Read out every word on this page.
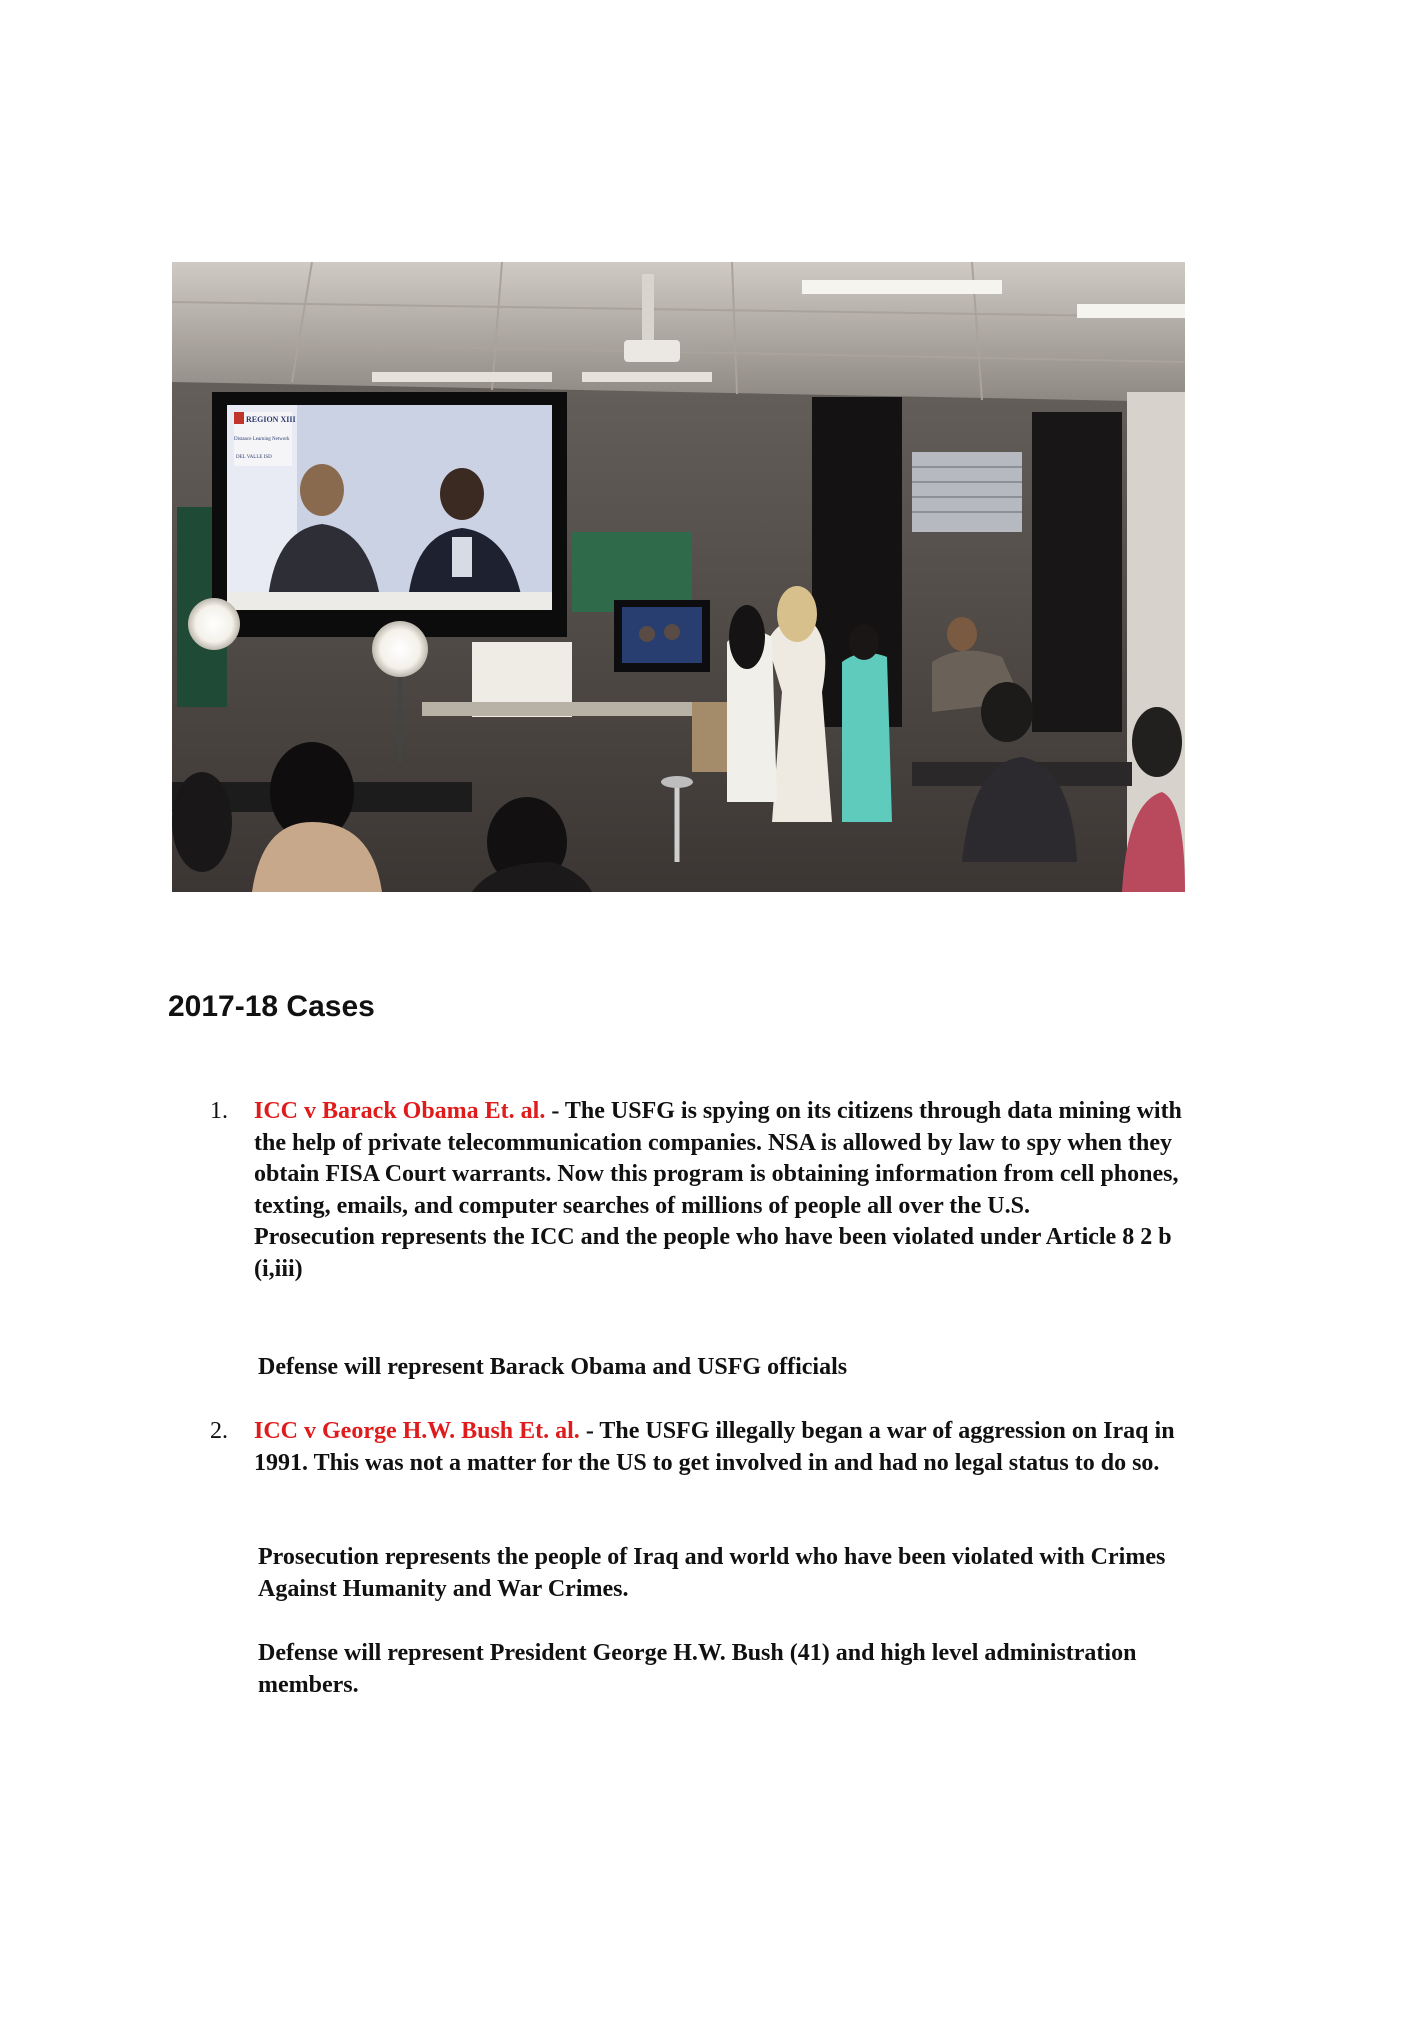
REGION XIII
Distance Learning Network
DEL VALLE ISD
2017-18 Cases
1.	ICC v Barack Obama Et. al. - The USFG is spying on its citizens through data mining with the help of private telecommunication companies. NSA is allowed by law to spy when they obtain FISA Court warrants. Now this program is obtaining information from cell phones, texting, emails, and computer searches of millions of people all over the U.S.
Prosecution represents the ICC and the people who have been violated under Article 8 2 b (i,iii)
Defense will represent Barack Obama and USFG officials
2.	ICC v George H.W. Bush Et. al. - The USFG illegally began a war of aggression on Iraq in 1991. This was not a matter for the US to get involved in and had no legal status to do so.
Prosecution represents the people of Iraq and world who have been violated with Crimes Against Humanity and War Crimes.
Defense will represent President George H.W. Bush (41) and high level administration members.
